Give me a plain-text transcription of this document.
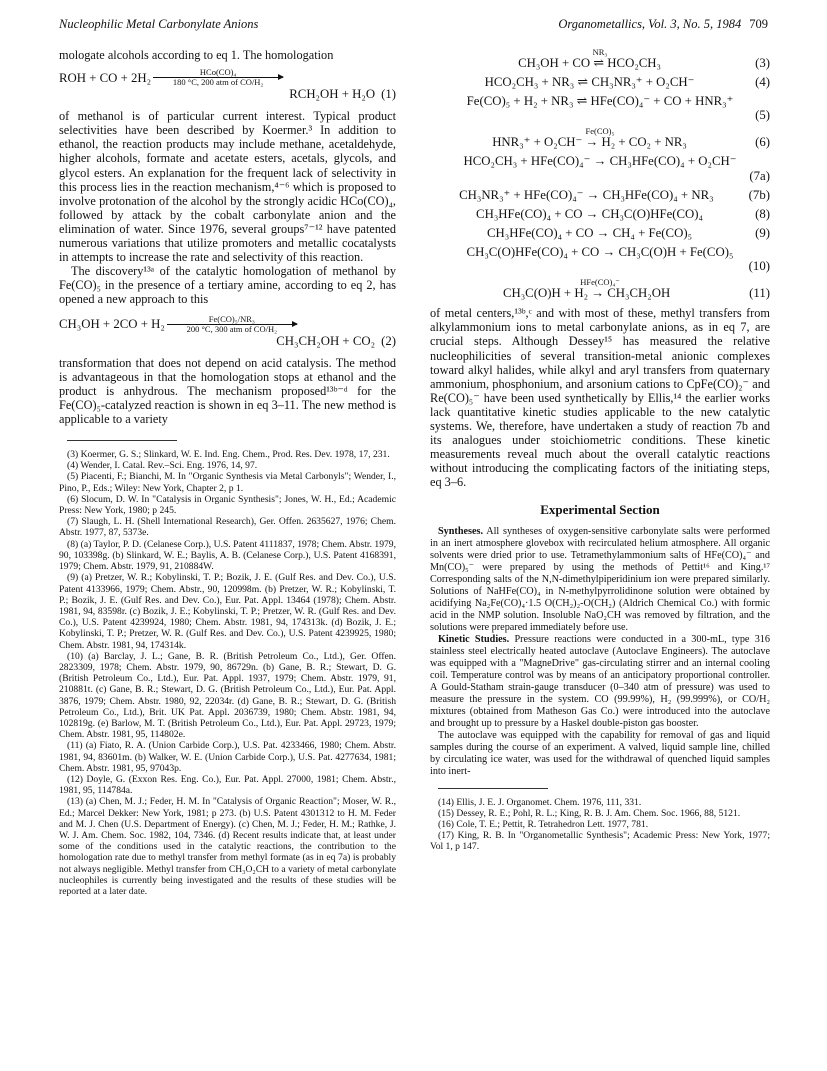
Nucleophilic Metal Carbonylate Anions	Organometallics, Vol. 3, No. 5, 1984 709

mologate alcohols according to eq 1. The homologation

ROH + CO + 2H₂	HCo(CO)₄
180 °C, 200 atm of CO/H₂
RCH₂OH + H₂O (1)

of methanol is of particular current interest. Typical product selectivities have been described by Koermer.³ In addition to ethanol, the reaction products may include methane, acetaldehyde, higher alcohols, formate and acetate esters, acetals, glycols, and glycol esters. An explanation for the frequent lack of selectivity in this process lies in the reaction mechanism,⁴⁻⁶ which is proposed to involve protonation of the alcohol by the strongly acidic HCo(CO)₄, followed by attack by the cobalt carbonylate anion and the elimination of water. Since 1976, several groups⁷⁻¹² have patented numerous variations that utilize promoters and metallic cocatalysts in attempts to increase the rate and selectivity of this reaction.

The discovery¹³ᵃ of the catalytic homologation of methanol by Fe(CO)₅ in the presence of a tertiary amine, according to eq 2, has opened a new approach to this

CH₃OH + 2CO + H₂	Fe(CO)₅/NR₃
200 °C, 300 atm of CO/H₂
CH₃CH₂OH + CO₂ (2)

transformation that does not depend on acid catalysis. The method is advantageous in that the homologation stops at ethanol and the product is anhydrous. The mechanism proposed¹³ᵇ⁻ᵈ for the Fe(CO)₅-catalyzed reaction is shown in eq 3–11. The new method is applicable to a variety

(3) Koermer, G. S.; Slinkard, W. E. Ind. Eng. Chem., Prod. Res. Dev. 1978, 17, 231.

(4) Wender, I. Catal. Rev.–Sci. Eng. 1976, 14, 97.

(5) Piacenti, F.; Bianchi, M. In "Organic Synthesis via Metal Carbonyls"; Wender, I., Pino, P., Eds.; Wiley: New York, Chapter 2, p 1.

(6) Slocum, D. W. In "Catalysis in Organic Synthesis"; Jones, W. H., Ed.; Academic Press: New York, 1980; p 245.

(7) Slaugh, L. H. (Shell International Research), Ger. Offen. 2635627, 1976; Chem. Abstr. 1977, 87, 5373e.

(8) (a) Taylor, P. D. (Celanese Corp.), U.S. Patent 4111837, 1978; Chem. Abstr. 1979, 90, 103398g. (b) Slinkard, W. E.; Baylis, A. B. (Celanese Corp.), U.S. Patent 4168391, 1979; Chem. Abstr. 1979, 91, 210884W.

(9) (a) Pretzer, W. R.; Kobylinski, T. P.; Bozik, J. E. (Gulf Res. and Dev. Co.), U.S. Patent 4133966, 1979; Chem. Abstr., 90, 120998m. (b) Pretzer, W. R.; Kobylinski, T. P.; Bozik, J. E. (Gulf Res. and Dev. Co.), Eur. Pat. Appl. 13464 (1978); Chem. Abstr. 1981, 94, 83598r. (c) Bozik, J. E.; Kobylinski, T. P.; Pretzer, W. R. (Gulf Res. and Dev. Co.), U.S. Patent 4239924, 1980; Chem. Abstr. 1981, 94, 174313k. (d) Bozik, J. E.; Kobylinski, T. P.; Pretzer, W. R. (Gulf Res. and Dev. Co.), U.S. Patent 4239925, 1980; Chem. Abstr. 1981, 94, 174314k.

(10) (a) Barclay, J. L.; Gane, B. R. (British Petroleum Co., Ltd.), Ger. Offen. 2823309, 1978; Chem. Abstr. 1979, 90, 86729n. (b) Gane, B. R.; Stewart, D. G. (British Petroleum Co., Ltd.), Eur. Pat. Appl. 1937, 1979; Chem. Abstr. 1979, 91, 210881t. (c) Gane, B. R.; Stewart, D. G. (British Petroleum Co., Ltd.), Eur. Pat. Appl. 3876, 1979; Chem. Abstr. 1980, 92, 22034r. (d) Gane, B. R.; Stewart, D. G. (British Petroleum Co., Ltd.), Brit. UK Pat. Appl. 2036739, 1980; Chem. Abstr. 1981, 94, 102819g. (e) Barlow, M. T. (British Petroleum Co., Ltd.), Eur. Pat. Appl. 29723, 1979; Chem. Abstr. 1981, 95, 114802e.

(11) (a) Fiato, R. A. (Union Carbide Corp.), U.S. Pat. 4233466, 1980; Chem. Abstr. 1981, 94, 83601m. (b) Walker, W. E. (Union Carbide Corp.), U.S. Pat. 4277634, 1981; Chem. Abstr. 1981, 95, 97043p.

(12) Doyle, G. (Exxon Res. Eng. Co.), Eur. Pat. Appl. 27000, 1981; Chem. Abstr., 1981, 95, 114784a.

(13) (a) Chen, M. J.; Feder, H. M. In "Catalysis of Organic Reaction"; Moser, W. R., Ed.; Marcel Dekker: New York, 1981; p 273. (b) U.S. Patent 4301312 to H. M. Feder and M. J. Chen (U.S. Department of Energy). (c) Chen, M. J.; Feder, H. M.; Rathke, J. W. J. Am. Chem. Soc. 1982, 104, 7346. (d) Recent results indicate that, at least under some of the conditions used in the catalytic reactions, the contribution to the homologation rate due to methyl transfer from methyl formate (as in eq 7a) is probably not always negligible. Methyl transfer from CH₃O₂CH to a variety of metal carbonylate nucleophiles is currently being investigated and the results of these studies will be reported at a later date.

NR₃
CH₃OH + CO ⇌ HCO₂CH₃	(3)
HCO₂CH₃ + NR₃ ⇌ CH₃NR₃⁺ + O₂CH⁻	(4)
Fe(CO)₅ + H₂ + NR₃ ⇌ HFe(CO)₄⁻ + CO + HNR₃⁺
(5)
Fe(CO)₅
HNR₃⁺ + O₂CH⁻ → H₂ + CO₂ + NR₃	(6)
HCO₂CH₃ + HFe(CO)₄⁻ → CH₃HFe(CO)₄ + O₂CH⁻
(7a)
CH₃NR₃⁺ + HFe(CO)₄⁻ → CH₃HFe(CO)₄ + NR₃	(7b)
CH₃HFe(CO)₄ + CO → CH₃C(O)HFe(CO)₄	(8)
CH₃HFe(CO)₄ + CO → CH₄ + Fe(CO)₅	(9)
CH₃C(O)HFe(CO)₄ + CO → CH₃C(O)H + Fe(CO)₅
(10)
HFe(CO)₄⁻
CH₃C(O)H + H₂ → CH₃CH₂OH	(11)

of metal centers,¹³ᵇ,ᶜ and with most of these, methyl transfers from alkylammonium ions to metal carbonylate anions, as in eq 7, are crucial steps. Although Dessey¹⁵ has measured the relative nucleophilicities of several transition-metal anionic complexes toward alkyl halides, while alkyl and aryl transfers from quaternary ammonium, phosphonium, and arsonium cations to CpFe(CO)₂⁻ and Re(CO)₅⁻ have been used synthetically by Ellis,¹⁴ the earlier works lack quantitative kinetic studies applicable to the new catalytic systems. We, therefore, have undertaken a study of reaction 7b and its analogues under stoichiometric conditions. These kinetic measurements reveal much about the overall catalytic reactions without introducing the complicating factors of the initiating steps, eq 3–6.

Experimental Section

Syntheses. All syntheses of oxygen-sensitive carbonylate salts were performed in an inert atmosphere glovebox with recirculated helium atmosphere. All organic solvents were dried prior to use. Tetramethylammonium salts of HFe(CO)₄⁻ and Mn(CO)₅⁻ were prepared by using the methods of Pettit¹⁶ and King.¹⁷ Corresponding salts of the N,N-dimethylpiperidinium ion were prepared similarly. Solutions of NaHFe(CO)₄ in N-methylpyrrolidinone solution were obtained by acidifying Na₂Fe(CO)₄·1.5 O(CH₂)₂-O(CH₂) (Aldrich Chemical Co.) with formic acid in the NMP solution. Insoluble NaO₂CH was removed by filtration, and the solutions were prepared immediately before use.

Kinetic Studies. Pressure reactions were conducted in a 300-mL, type 316 stainless steel electrically heated autoclave (Autoclave Engineers). The autoclave was equipped with a "MagneDrive" gas-circulating stirrer and an internal cooling coil. Temperature control was by means of an anticipatory proportional controller. A Gould-Statham strain-gauge transducer (0–340 atm of pressure) was used to measure the pressure in the system. CO (99.99%), H₂ (99.999%), or CO/H₂ mixtures (obtained from Matheson Gas Co.) were introduced into the autoclave and brought up to pressure by a Haskel double-piston gas booster.

The autoclave was equipped with the capability for removal of gas and liquid samples during the course of an experiment. A valved, liquid sample line, chilled by circulating ice water, was used for the withdrawal of quenched liquid samples into inert-

(14) Ellis, J. E. J. Organomet. Chem. 1976, 111, 331.

(15) Dessey, R. E.; Pohl, R. L.; King, R. B. J. Am. Chem. Soc. 1966, 88, 5121.

(16) Cole, T. E.; Pettit, R. Tetrahedron Lett. 1977, 781.

(17) King, R. B. In "Organometallic Synthesis"; Academic Press: New York, 1977; Vol 1, p 147.
